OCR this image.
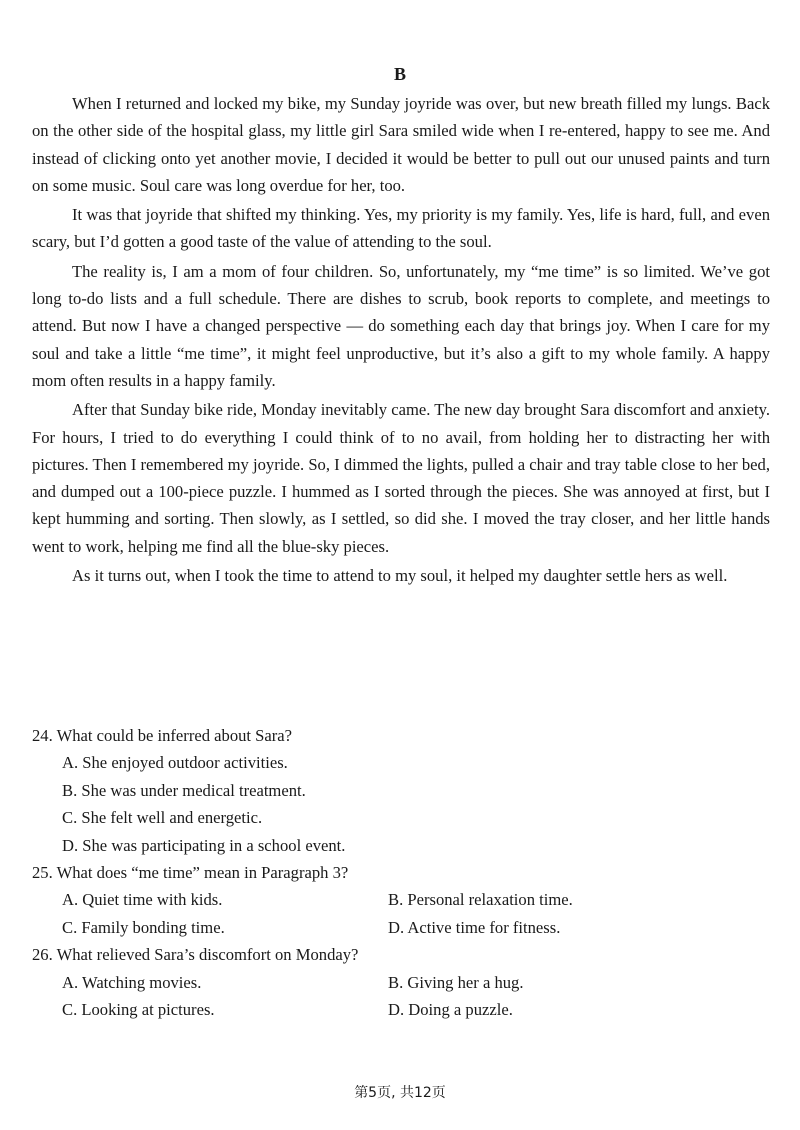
B

When I returned and locked my bike, my Sunday joyride was over, but new breath filled my lungs. Back on the other side of the hospital glass, my little girl Sara smiled wide when I re-entered, happy to see me. And instead of clicking onto yet another movie, I decided it would be better to pull out our unused paints and turn on some music. Soul care was long overdue for her, too.

It was that joyride that shifted my thinking. Yes, my priority is my family. Yes, life is hard, full, and even scary, but I’d gotten a good taste of the value of attending to the soul.

The reality is, I am a mom of four children. So, unfortunately, my “me time” is so limited. We’ve got long to-do lists and a full schedule. There are dishes to scrub, book reports to complete, and meetings to attend. But now I have a changed perspective — do something each day that brings joy. When I care for my soul and take a little “me time”, it might feel unproductive, but it’s also a gift to my whole family. A happy mom often results in a happy family.

After that Sunday bike ride, Monday inevitably came. The new day brought Sara discomfort and anxiety. For hours, I tried to do everything I could think of to no avail, from holding her to distracting her with pictures. Then I remembered my joyride. So, I dimmed the lights, pulled a chair and tray table close to her bed, and dumped out a 100-piece puzzle. I hummed as I sorted through the pieces. She was annoyed at first, but I kept humming and sorting. Then slowly, as I settled, so did she. I moved the tray closer, and her little hands went to work, helping me find all the blue-sky pieces.

As it turns out, when I took the time to attend to my soul, it helped my daughter settle hers as well.

24. What could be inferred about Sara?

A. She enjoyed outdoor activities.

B. She was under medical treatment.

C. She felt well and energetic.

D. She was participating in a school event.

25. What does “me time” mean in Paragraph 3?

A. Quiet time with kids.	B. Personal relaxation time.

C. Family bonding time.	D. Active time for fitness.

26. What relieved Sara’s discomfort on Monday?

A. Watching movies.	B. Giving her a hug.

C. Looking at pictures.	D. Doing a puzzle.

第5页, 共12页
